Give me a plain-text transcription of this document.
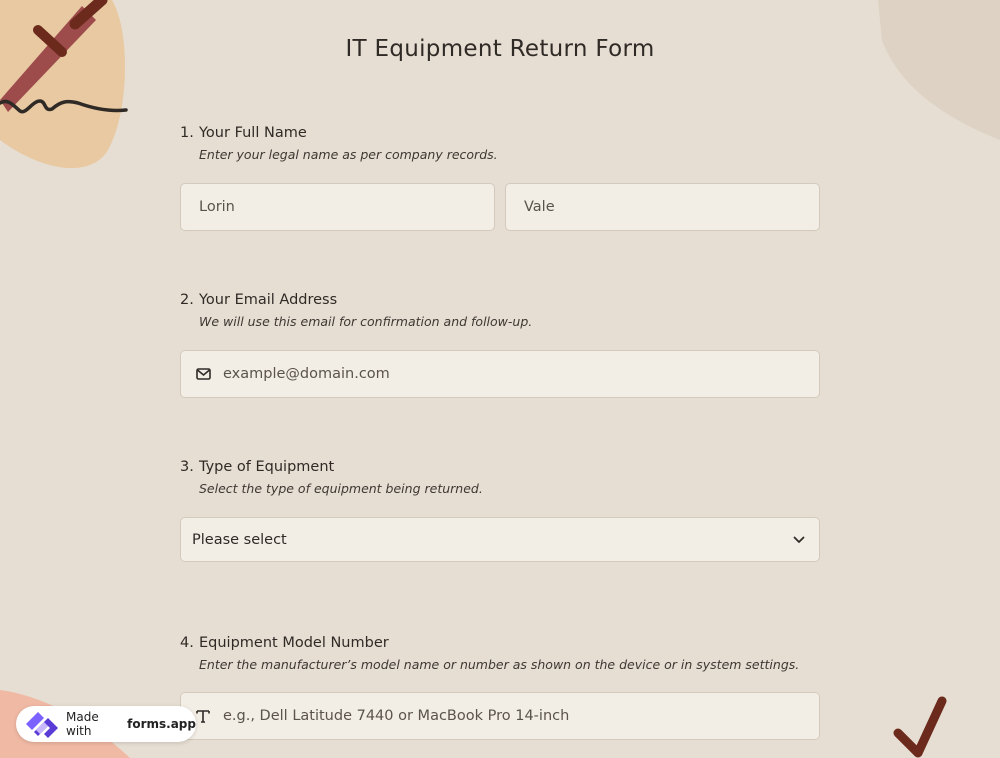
IT Equipment Return Form
1. Your Full Name
Enter your legal name as per company records.
Lorin	Vale
2. Your Email Address
We will use this email for confirmation and follow-up.
example@domain.com
3. Type of Equipment
Select the type of equipment being returned.
Please select
4. Equipment Model Number
Enter the manufacturer’s model name or number as shown on the device or in system settings.
e.g., Dell Latitude 7440 or MacBook Pro 14-inch
Made with
	forms.app
